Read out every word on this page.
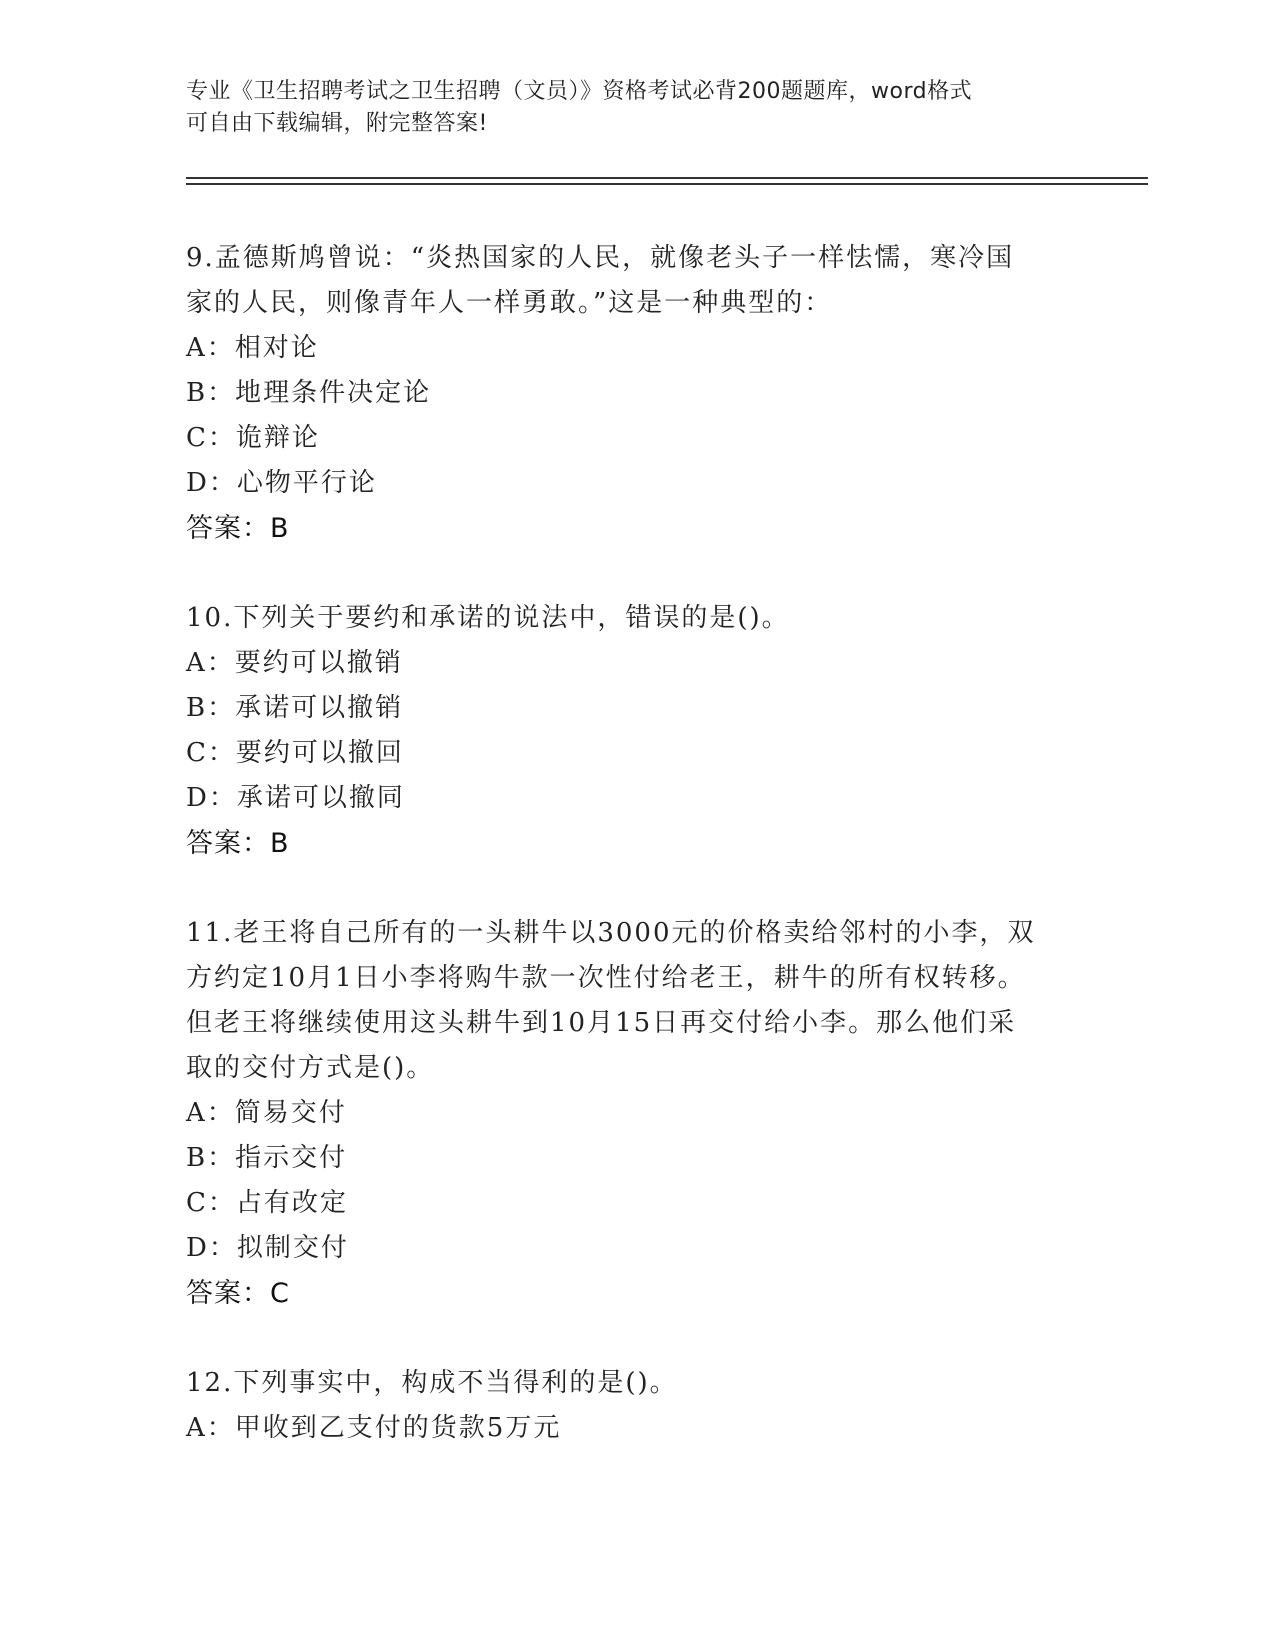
专业《卫生招聘考试之卫生招聘（文员）》资格考试必背200题题库，word格式
可自由下载编辑，附完整答案!
9.孟德斯鸠曾说：“炎热国家的人民，就像老头子一样怯懦，寒冷国
家的人民，则像青年人一样勇敢。”这是一种典型的：
A：相对论
B：地理条件决定论
C：诡辩论
D：心物平行论
答案：B
10.下列关于要约和承诺的说法中，错误的是()。
A：要约可以撤销
B：承诺可以撤销
C：要约可以撤回
D：承诺可以撤同
答案：B
11.老王将自己所有的一头耕牛以3000元的价格卖给邻村的小李，双
方约定10月1日小李将购牛款一次性付给老王，耕牛的所有权转移。
但老王将继续使用这头耕牛到10月15日再交付给小李。那么他们采
取的交付方式是()。
A：简易交付
B：指示交付
C：占有改定
D：拟制交付
答案：C
12.下列事实中，构成不当得利的是()。
A：甲收到乙支付的货款5万元
